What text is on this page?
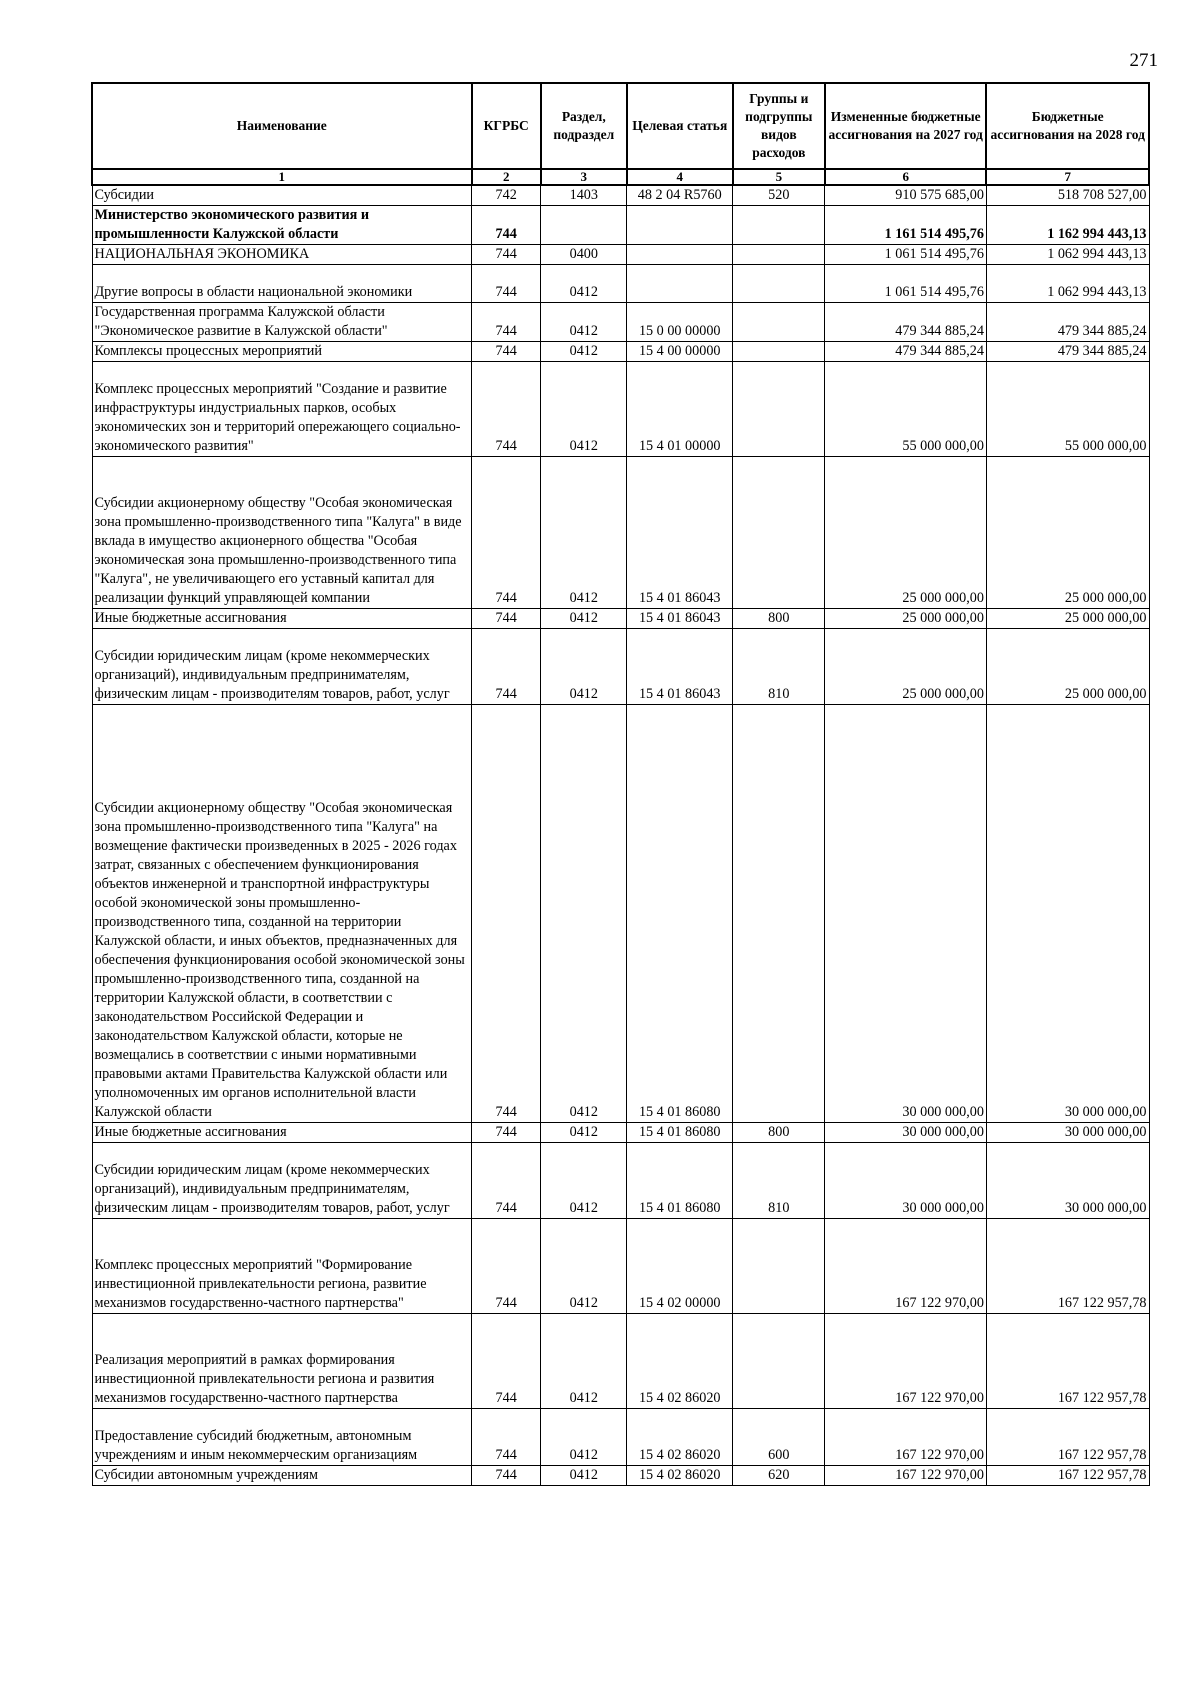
271
Наименование	КГРБС	Раздел, подраздел	Целевая статья	Группы и подгруппы видов расходов	Измененные бюджетные ассигнования на 2027 год	Бюджетные ассигнования на 2028 год
1	2	3	4	5	6	7
Субсидии	742	1403	48 2 04 R5760	520	910 575 685,00	518 708 527,00
Министерство экономического развития и промышленности Калужской области	744				1 161 514 495,76	1 162 994 443,13
НАЦИОНАЛЬНАЯ ЭКОНОМИКА	744	0400			1 061 514 495,76	1 062 994 443,13
Другие вопросы в области национальной экономики	744	0412			1 061 514 495,76	1 062 994 443,13
Государственная программа Калужской области "Экономическое развитие в Калужской области"	744	0412	15 0 00 00000		479 344 885,24	479 344 885,24
Комплексы процессных мероприятий	744	0412	15 4 00 00000		479 344 885,24	479 344 885,24
Комплекс процессных мероприятий "Создание и развитие инфраструктуры индустриальных парков, особых экономических зон и территорий опережающего социально-экономического развития"	744	0412	15 4 01 00000		55 000 000,00	55 000 000,00
Субсидии акционерному обществу "Особая экономическая зона промышленно-производственного типа "Калуга" в виде вклада в имущество акционерного общества "Особая экономическая зона промышленно-производственного типа "Калуга", не увеличивающего его уставный капитал для реализации функций управляющей компании	744	0412	15 4 01 86043		25 000 000,00	25 000 000,00
Иные бюджетные ассигнования	744	0412	15 4 01 86043	800	25 000 000,00	25 000 000,00
Субсидии юридическим лицам (кроме некоммерческих организаций), индивидуальным предпринимателям, физическим лицам - производителям товаров, работ, услуг	744	0412	15 4 01 86043	810	25 000 000,00	25 000 000,00
Субсидии акционерному обществу "Особая экономическая зона промышленно-производственного типа "Калуга" на возмещение фактически произведенных в 2025 - 2026 годах затрат, связанных с обеспечением функционирования объектов инженерной и транспортной инфраструктуры особой экономической зоны промышленно-производственного типа, созданной на территории Калужской области, и иных объектов, предназначенных для обеспечения функционирования особой экономической зоны промышленно-производственного типа, созданной на территории Калужской области, в соответствии с законодательством Российской Федерации и законодательством Калужской области, которые не возмещались в соответствии с иными нормативными правовыми актами Правительства Калужской области или уполномоченных им органов исполнительной власти Калужской области	744	0412	15 4 01 86080		30 000 000,00	30 000 000,00
Иные бюджетные ассигнования	744	0412	15 4 01 86080	800	30 000 000,00	30 000 000,00
Субсидии юридическим лицам (кроме некоммерческих организаций), индивидуальным предпринимателям, физическим лицам - производителям товаров, работ, услуг	744	0412	15 4 01 86080	810	30 000 000,00	30 000 000,00
Комплекс процессных мероприятий "Формирование инвестиционной привлекательности региона, развитие механизмов государственно-частного партнерства"	744	0412	15 4 02 00000		167 122 970,00	167 122 957,78
Реализация мероприятий в рамках формирования инвестиционной привлекательности региона и развития механизмов государственно-частного партнерства	744	0412	15 4 02 86020		167 122 970,00	167 122 957,78
Предоставление субсидий бюджетным, автономным учреждениям и иным некоммерческим организациям	744	0412	15 4 02 86020	600	167 122 970,00	167 122 957,78
Субсидии автономным учреждениям	744	0412	15 4 02 86020	620	167 122 970,00	167 122 957,78
